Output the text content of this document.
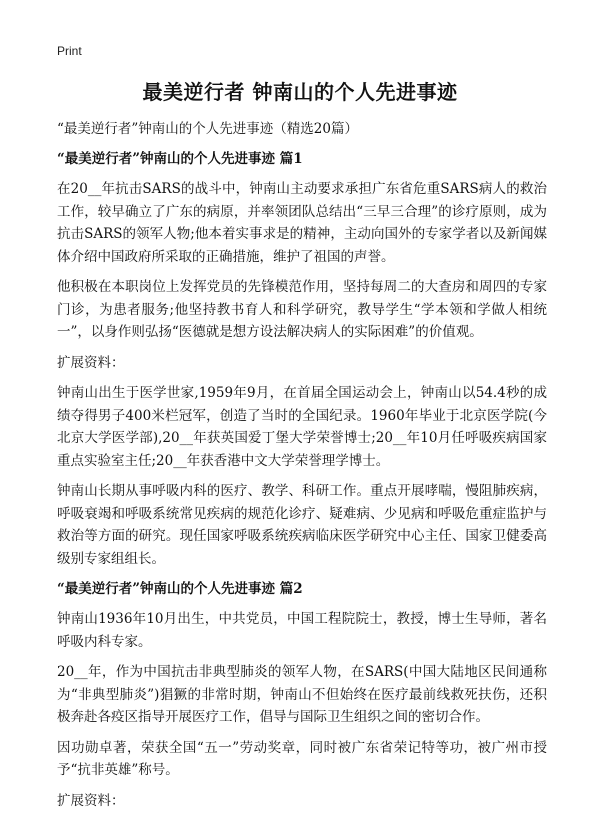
Print
最美逆行者 钟南山的个人先进事迹

“最美逆行者”钟南山的个人先进事迹（精选20篇）

“最美逆行者”钟南山的个人先进事迹 篇1

在20__年抗击SARS的战斗中，钟南山主动要求承担广东省危重SARS病人的救治工作，较早确立了广东的病原，并率领团队总结出“三早三合理”的诊疗原则，成为抗击SARS的领军人物;他本着实事求是的精神，主动向国外的专家学者以及新闻媒体介绍中国政府所采取的正确措施，维护了祖国的声誉。

他积极在本职岗位上发挥党员的先锋模范作用，坚持每周二的大查房和周四的专家门诊，为患者服务;他坚持教书育人和科学研究，教导学生“学本领和学做人相统一”，以身作则弘扬“医德就是想方设法解决病人的实际困难”的价值观。

扩展资料：

钟南山出生于医学世家,1959年9月，在首届全国运动会上，钟南山以54.4秒的成绩夺得男子400米栏冠军，创造了当时的全国纪录。1960年毕业于北京医学院(今北京大学医学部),20__年获英国爱丁堡大学荣誉博士;20__年10月任呼吸疾病国家重点实验室主任;20__年获香港中文大学荣誉理学博士。

钟南山长期从事呼吸内科的医疗、教学、科研工作。重点开展哮喘，慢阻肺疾病，呼吸衰竭和呼吸系统常见疾病的规范化诊疗、疑难病、少见病和呼吸危重症监护与救治等方面的研究。现任国家呼吸系统疾病临床医学研究中心主任、国家卫健委高级别专家组组长。

“最美逆行者”钟南山的个人先进事迹 篇2

钟南山1936年10月出生，中共党员，中国工程院院士，教授，博士生导师，著名呼吸内科专家。

20__年，作为中国抗击非典型肺炎的领军人物，在SARS(中国大陆地区民间通称为“非典型肺炎”)猖獗的非常时期，钟南山不但始终在医疗最前线救死扶伤，还积极奔赴各疫区指导开展医疗工作，倡导与国际卫生组织之间的密切合作。

因功勋卓著，荣获全国“五一”劳动奖章，同时被广东省荣记特等功，被广州市授予“抗非英雄”称号。

扩展资料：
